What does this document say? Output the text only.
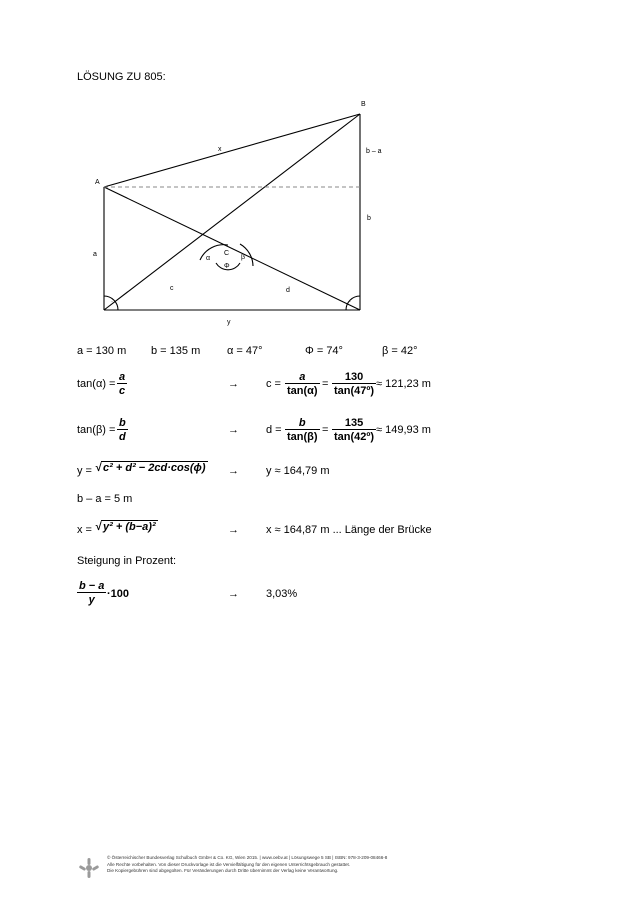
LÖSUNG ZU 805:
A
B
C
x
y
a
b
b – a
c	d
α	β
Φ
·	·
a = 130 m b = 135 m α = 47°	Φ = 74°	β = 42°
$\tan(\alpha) = \frac{a}{c}$	→ $c = \frac{a}{\tan(\alpha)} = \frac{130}{\text{tan(47º)}} \approx 121,23$ m
$\tan(\beta) = \frac{b}{d}$	→ $d = \frac{b}{\tan(\beta)} = \frac{135}{\text{tan(42º)}} \approx 149,93$ m
y = √ c² + d² − 2cd·cos(ϕ) → y ≈ 164,79 m
b – a = 5 m
x = √ y² + (b−a)²	→ x ≈ 164,87 m ... Länge der Brücke
Steigung in Prozent:
$\frac{b - a}{y} \cdot 100$	→ 3,03%
© Österreichischer Bundesverlag Schulbuch GmbH & Co. KG, Wien 2015. | www.oebv.at | Lösungswege 5 SB | ISBN: 978-3-209-08466-8
Alle Rechte vorbehalten. Von dieser Druckvorlage ist die Vervielfältigung für den eigenen Unterrichtsgebrauch gestattet.
Die Kopiergebühren sind abgegolten. Für Veränderungen durch Dritte übernimmt der Verlag keine Verantwortung.
